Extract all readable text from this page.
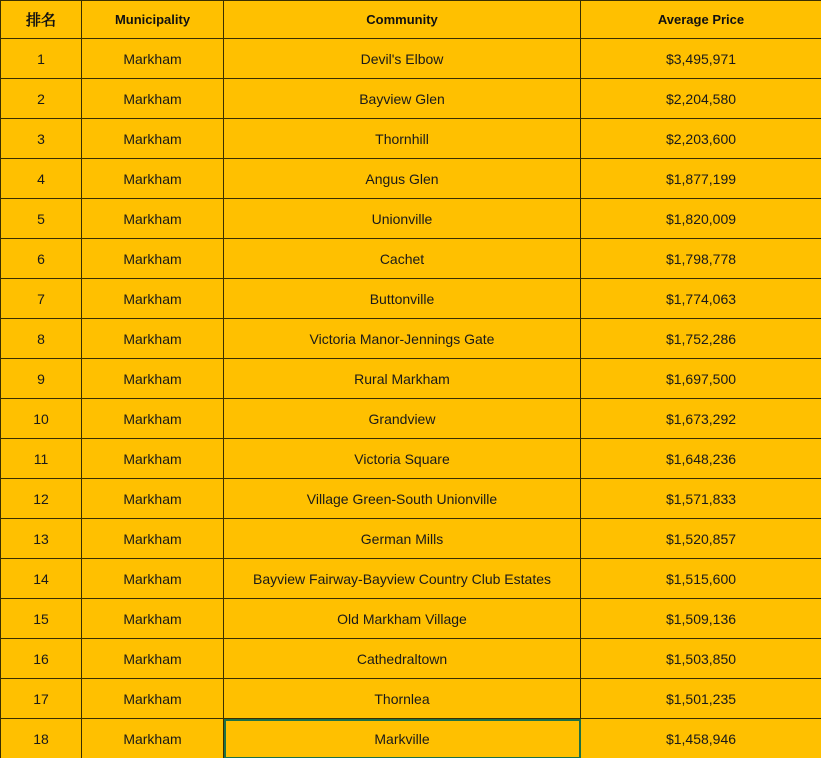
排名	Municipality	Community	Average Price
1	Markham	Devil's Elbow	$3,495,971
2	Markham	Bayview Glen	$2,204,580
3	Markham	Thornhill	$2,203,600
4	Markham	Angus Glen	$1,877,199
5	Markham	Unionville	$1,820,009
6	Markham	Cachet	$1,798,778
7	Markham	Buttonville	$1,774,063
8	Markham	Victoria Manor-Jennings Gate	$1,752,286
9	Markham	Rural Markham	$1,697,500
10	Markham	Grandview	$1,673,292
11	Markham	Victoria Square	$1,648,236
12	Markham	Village Green-South Unionville	$1,571,833
13	Markham	German Mills	$1,520,857
14	Markham	Bayview Fairway-Bayview Country Club Estates	$1,515,600
15	Markham	Old Markham Village	$1,509,136
16	Markham	Cathedraltown	$1,503,850
17	Markham	Thornlea	$1,501,235
18	Markham	Markville	$1,458,946
